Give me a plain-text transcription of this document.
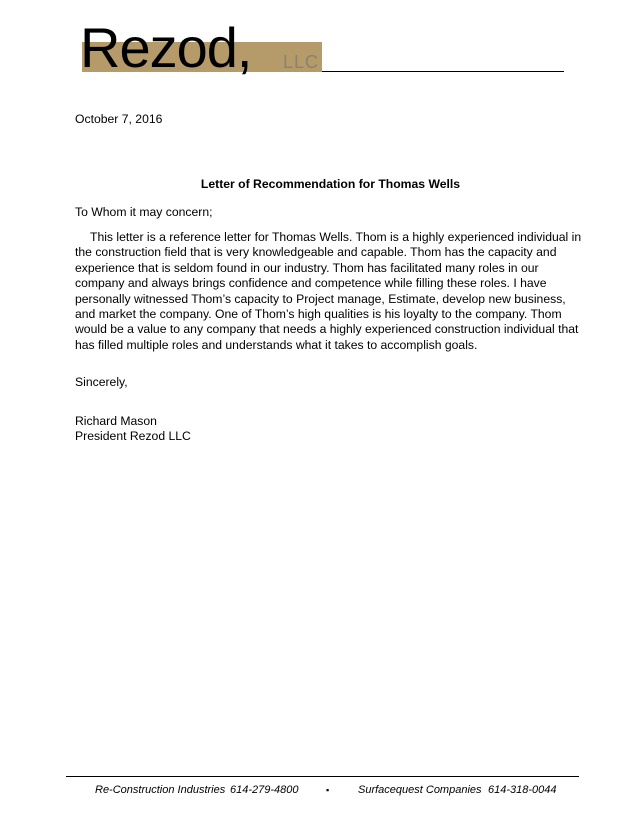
Rezod, LLC
October 7, 2016
Letter of Recommendation for Thomas Wells
To Whom it may concern;
This letter is a reference letter for Thomas Wells. Thom is a highly experienced individual in the construction field that is very knowledgeable and capable. Thom has the capacity and experience that is seldom found in our industry. Thom has facilitated many roles in our company and always brings confidence and competence while filling these roles. I have personally witnessed Thom’s capacity to Project manage, Estimate, develop new business, and market the company. One of Thom’s high qualities is his loyalty to the company. Thom would be a value to any company that needs a highly experienced construction individual that has filled multiple roles and understands what it takes to accomplish goals.
Sincerely,
Richard Mason
President Rezod LLC
Re-Construction Industries 614-279-4800	▪	Surfacequest Companies 614-318-0044
